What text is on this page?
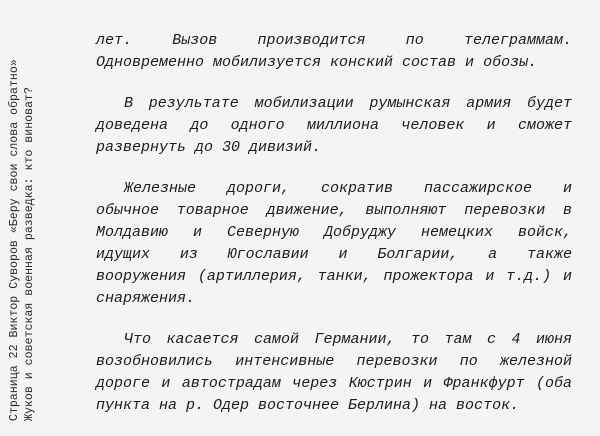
Страница 22 Виктор Суворов «Беру свои слова обратно» Жуков и советская военная разведка: кто виноват?

лет. Вызов производится по телеграммам.
Одновременно мобилизуется конский состав и обозы.

В результате мобилизации румынская армия будет
доведена до одного миллиона человек и сможет
развернуть до 30 дивизий.

Железные дороги, сократив пассажирское и
обычное товарное движение, выполняют перевозки в
Молдавию и Северную Добруджу немецких войск,
идущих из Югославии и Болгарии, а также
вооружения (артиллерия, танки, прожектора и т.д.) и
снаряжения.

Что касается самой Германии, то там с 4 июня
возобновились интенсивные перевозки по железной
дороге и автострадам через Кюстрин и Франкфурт (оба
пункта на р. Одер восточнее Берлина) на восток.
